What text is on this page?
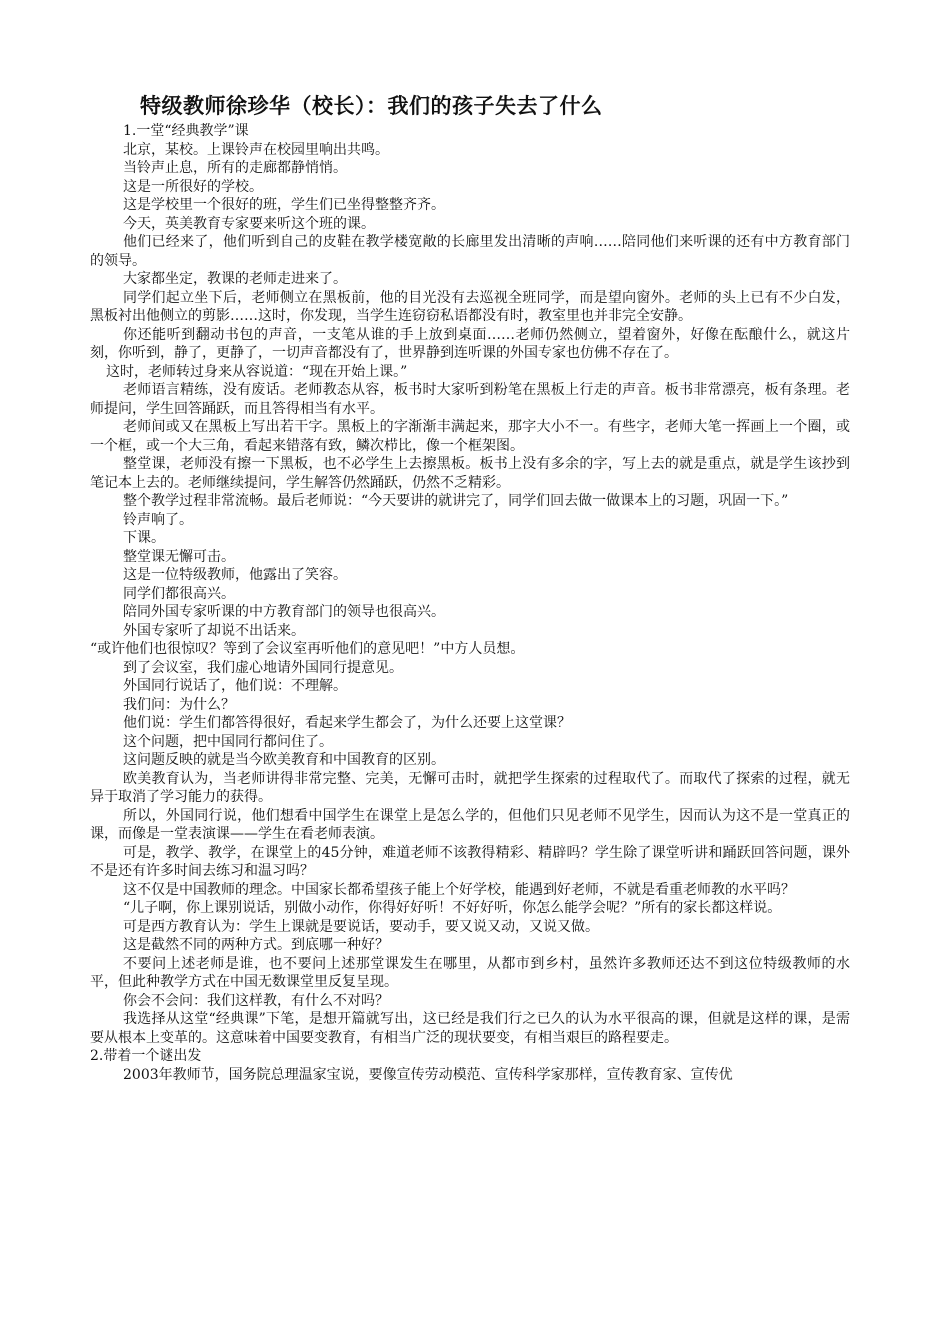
特级教师徐珍华（校长）：我们的孩子失去了什么

1.一堂“经典教学”课

北京，某校。上课铃声在校园里响出共鸣。

当铃声止息，所有的走廊都静悄悄。

这是一所很好的学校。

这是学校里一个很好的班，学生们已坐得整整齐齐。

今天，英美教育专家要来听这个班的课。

他们已经来了，他们听到自己的皮鞋在教学楼宽敞的长廊里发出清晰的声响……陪同他们来听课的还有中方教育部门的领导。

大家都坐定，教课的老师走进来了。

同学们起立坐下后，老师侧立在黑板前，他的目光没有去巡视全班同学，而是望向窗外。老师的头上已有不少白发，黑板衬出他侧立的剪影……这时，你发现，当学生连窃窃私语都没有时，教室里也并非完全安静。

你还能听到翻动书包的声音，一支笔从谁的手上放到桌面……老师仍然侧立，望着窗外，好像在酝酿什么，就这片刻，你听到，静了，更静了，一切声音都没有了，世界静到连听课的外国专家也仿佛不存在了。

这时，老师转过身来从容说道：“现在开始上课。”

老师语言精练，没有废话。老师教态从容，板书时大家听到粉笔在黑板上行走的声音。板书非常漂亮，板有条理。老师提问，学生回答踊跃，而且答得相当有水平。

老师间或又在黑板上写出若干字。黑板上的字渐渐丰满起来，那字大小不一。有些字，老师大笔一挥画上一个圈，或一个框，或一个大三角，看起来错落有致，鳞次栉比，像一个框架图。

整堂课，老师没有擦一下黑板，也不必学生上去擦黑板。板书上没有多余的字，写上去的就是重点，就是学生该抄到笔记本上去的。老师继续提问，学生解答仍然踊跃，仍然不乏精彩。

整个教学过程非常流畅。最后老师说：“今天要讲的就讲完了，同学们回去做一做课本上的习题，巩固一下。”

铃声响了。

下课。

整堂课无懈可击。

这是一位特级教师，他露出了笑容。

同学们都很高兴。

陪同外国专家听课的中方教育部门的领导也很高兴。

外国专家听了却说不出话来。

“或许他们也很惊叹？等到了会议室再听他们的意见吧！”中方人员想。

到了会议室，我们虚心地请外国同行提意见。

外国同行说话了，他们说：不理解。

我们问：为什么？

他们说：学生们都答得很好，看起来学生都会了，为什么还要上这堂课？

这个问题，把中国同行都问住了。

这问题反映的就是当今欧美教育和中国教育的区别。

欧美教育认为，当老师讲得非常完整、完美，无懈可击时，就把学生探索的过程取代了。而取代了探索的过程，就无异于取消了学习能力的获得。

所以，外国同行说，他们想看中国学生在课堂上是怎么学的，但他们只见老师不见学生，因而认为这不是一堂真正的课，而像是一堂表演课——学生在看老师表演。

可是，教学、教学，在课堂上的45分钟，难道老师不该教得精彩、精辟吗？学生除了课堂听讲和踊跃回答问题，课外不是还有许多时间去练习和温习吗？

这不仅是中国教师的理念。中国家长都希望孩子能上个好学校，能遇到好老师，不就是看重老师教的水平吗？

“儿子啊，你上课别说话，别做小动作，你得好好听！不好好听，你怎么能学会呢？”所有的家长都这样说。

可是西方教育认为：学生上课就是要说话，要动手，要又说又动，又说又做。

这是截然不同的两种方式。到底哪一种好？

不要问上述老师是谁，也不要问上述那堂课发生在哪里，从都市到乡村，虽然许多教师还达不到这位特级教师的水平，但此种教学方式在中国无数课堂里反复呈现。

你会不会问：我们这样教，有什么不对吗？

我选择从这堂“经典课”下笔，是想开篇就写出，这已经是我们行之已久的认为水平很高的课，但就是这样的课，是需要从根本上变革的。这意味着中国要变教育，有相当广泛的现状要变，有相当艰巨的路程要走。

2.带着一个谜出发

2003年教师节，国务院总理温家宝说，要像宣传劳动模范、宣传科学家那样，宣传教育家、宣传优
